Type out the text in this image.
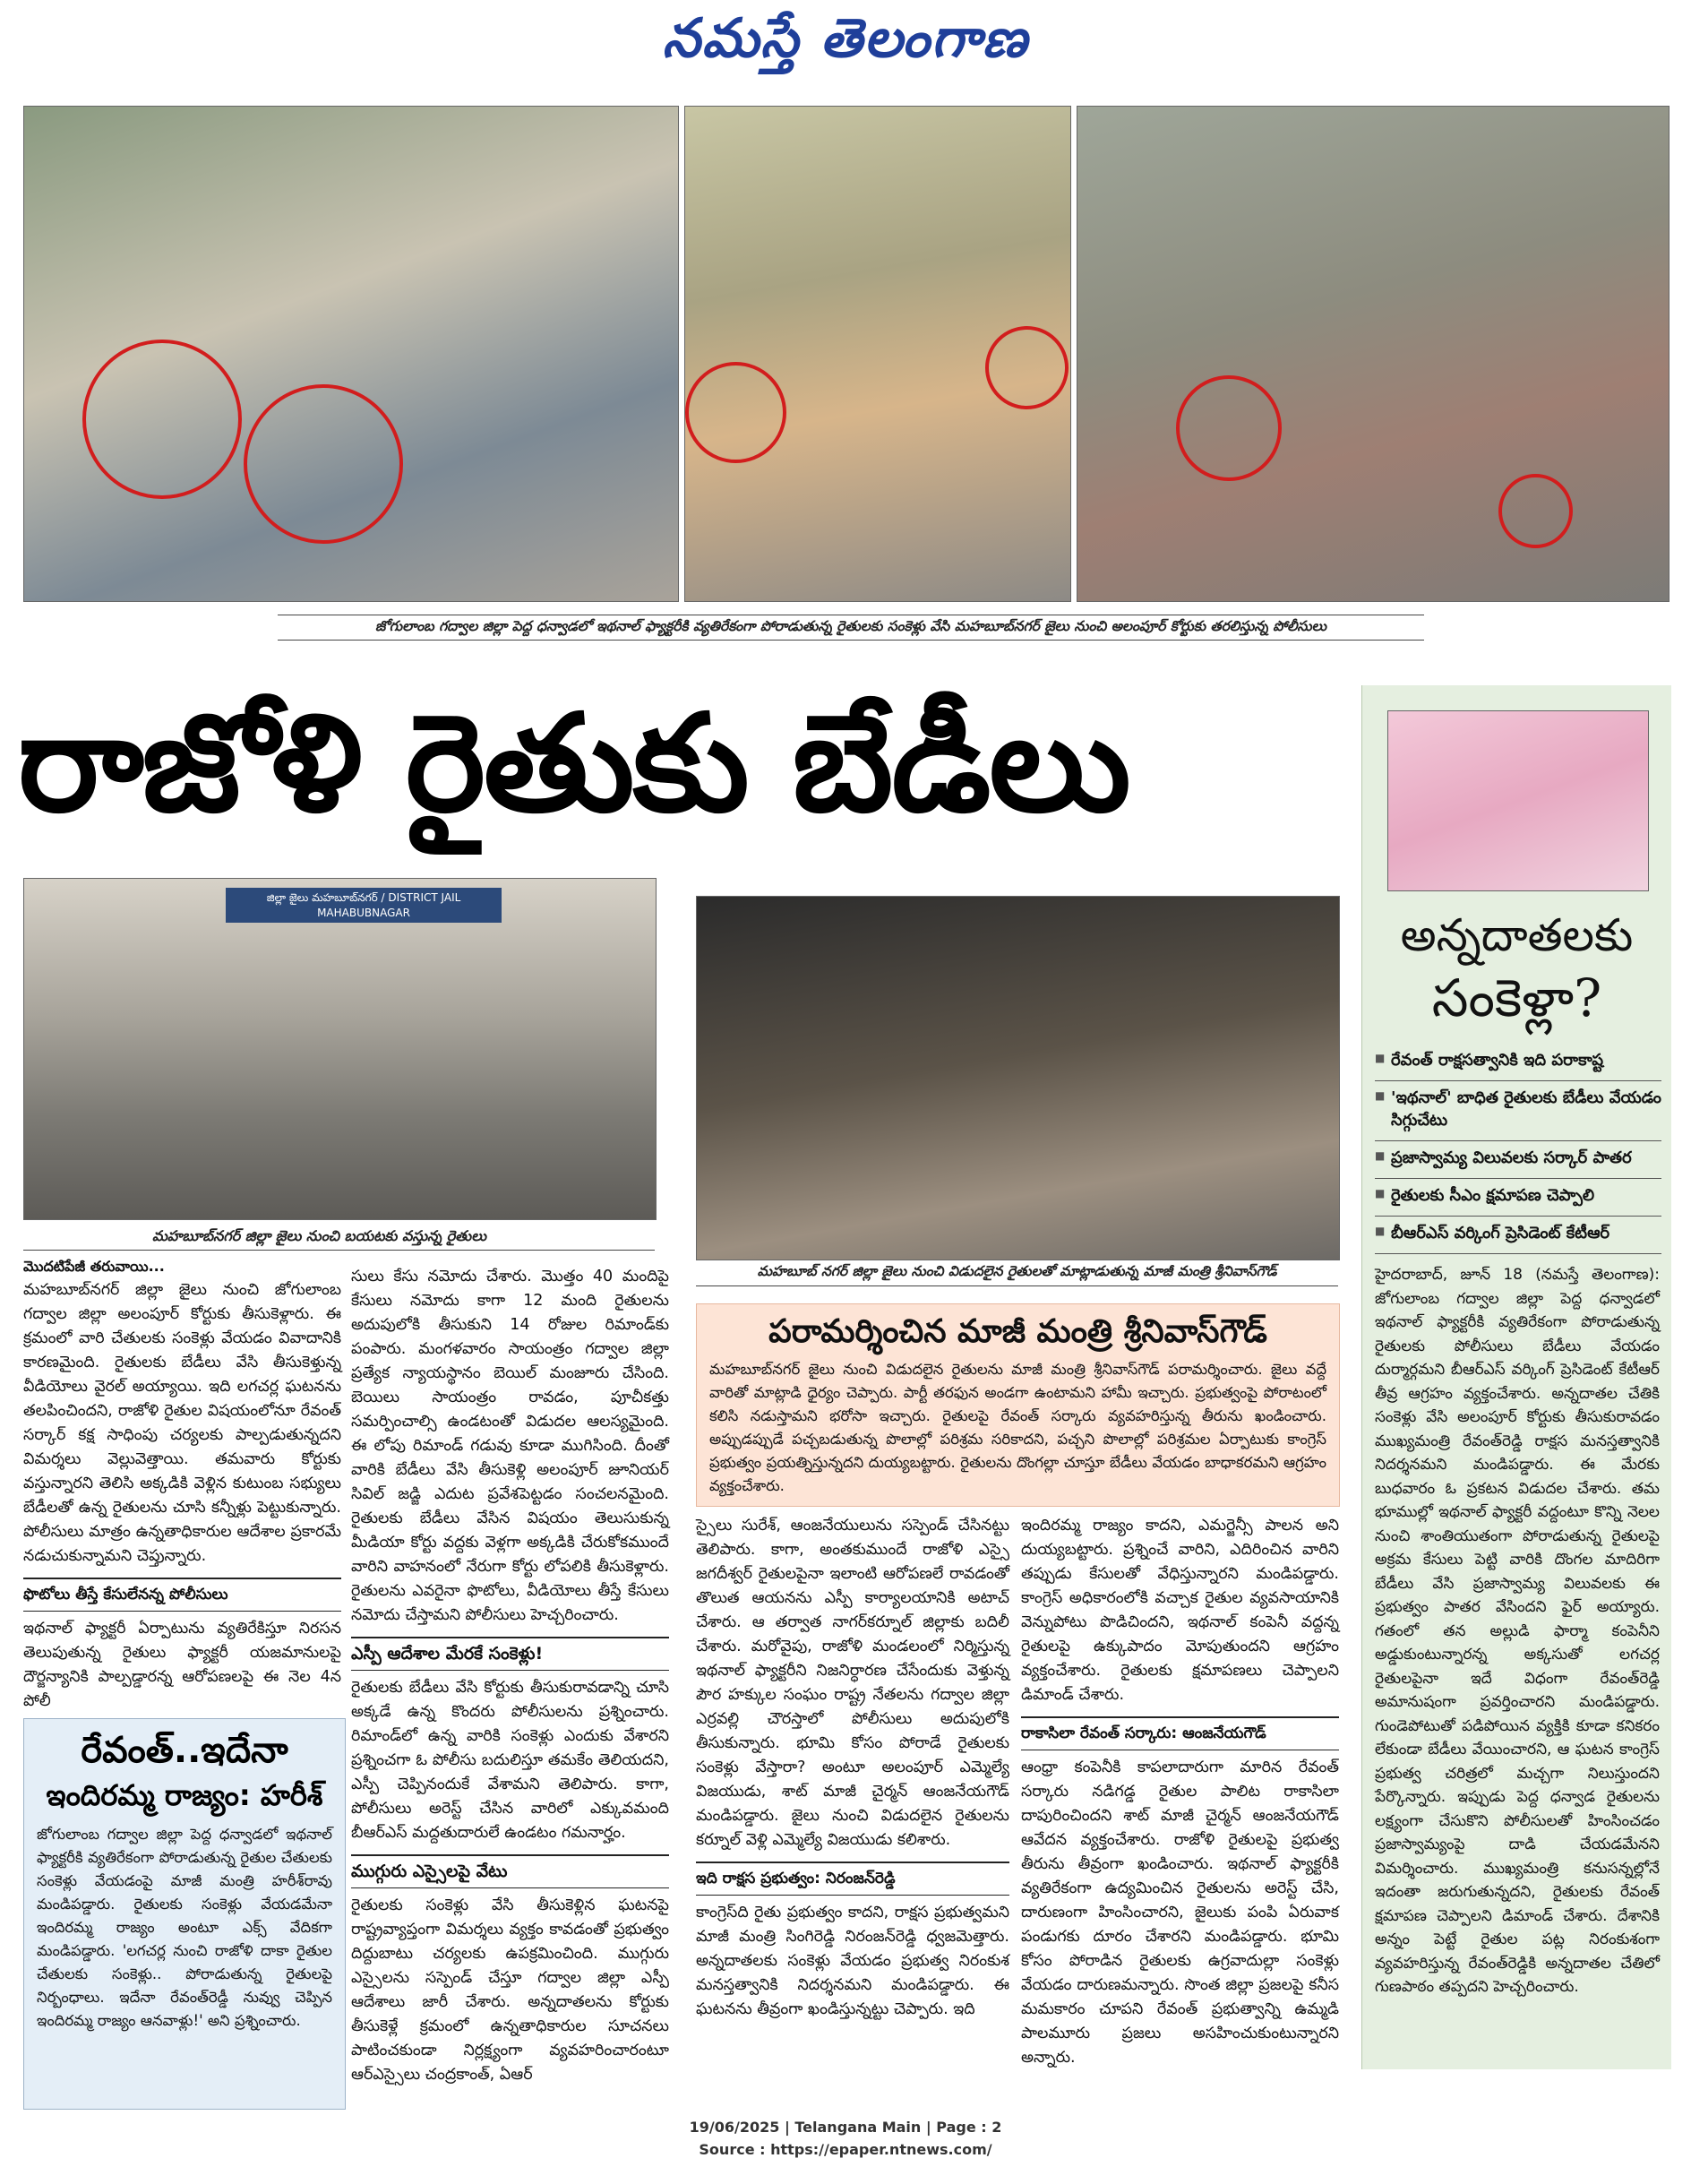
నమస్తే తెలంగాణ
జోగులాంబ గద్వాల జిల్లా పెద్ద ధన్వాడలో ఇథనాల్ ఫ్యాక్టరీకి వ్యతిరేకంగా పోరాడుతున్న రైతులకు సంకెళ్లు వేసి మహబూబ్‌నగర్ జైలు నుంచి అలంపూర్ కోర్టుకు తరలిస్తున్న పోలీసులు
రాజోళి రైతుకు బేడీలు
జిల్లా జైలు మహబూబ్‌నగర్ / DISTRICT JAIL MAHABUBNAGAR
మహబూబ్‌నగర్ జిల్లా జైలు నుంచి బయటకు వస్తున్న రైతులు
మహబూబ్ నగర్ జిల్లా జైలు నుంచి విడుదలైన రైతులతో మాట్లాడుతున్న మాజీ మంత్రి శ్రీనివాస్‌గౌడ్

మొదటిపేజీ తరువాయి...

మహబూబ్‌నగర్ జిల్లా జైలు నుంచి జోగులాంబ గద్వాల జిల్లా అలంపూర్ కోర్టుకు తీసుకెళ్లారు. ఈ క్రమంలో వారి చేతులకు సంకెళ్లు వేయడం వివాదానికి కారణమైంది. రైతులకు బేడీలు వేసి తీసుకెళ్తున్న వీడియోలు వైరల్ అయ్యాయి. ఇది లగచర్ల ఘటనను తలపించిందని, రాజోళి రైతుల విషయంలోనూ రేవంత్ సర్కార్ కక్ష సాధింపు చర్యలకు పాల్పడుతున్నదని విమర్శలు వెల్లువెత్తాయి. తమవారు కోర్టుకు వస్తున్నారని తెలిసి అక్కడికి వెళ్లిన కుటుంబ సభ్యులు బేడీలతో ఉన్న రైతులను చూసి కన్నీళ్లు పెట్టుకున్నారు. పోలీసులు మాత్రం ఉన్నతాధికారుల ఆదేశాల ప్రకారమే నడుచుకున్నామని చెప్తున్నారు.

ఫొటోలు తీస్తే కేసులేనన్న పోలీసులు

ఇథనాల్ ఫ్యాక్టరీ ఏర్పాటును వ్యతిరేకిస్తూ నిరసన తెలుపుతున్న రైతులు ఫ్యాక్టరీ యజమానులపై దౌర్జన్యానికి పాల్పడ్డారన్న ఆరోపణలపై ఈ నెల 4న పోలీ

రేవంత్..ఇదేనా
ఇందిరమ్మ రాజ్యం: హరీశ్
జోగులాంబ గద్వాల జిల్లా పెద్ద ధన్వాడలో ఇథనాల్ ఫ్యాక్టరీకి వ్యతిరేకంగా పోరాడుతున్న రైతుల చేతులకు సంకెళ్లు వేయడంపై మాజీ మంత్రి హరీశ్‌రావు మండిపడ్డారు. రైతులకు సంకెళ్లు వేయడమేనా ఇందిరమ్మ రాజ్యం అంటూ ఎక్స్ వేదికగా మండిపడ్డారు. 'లగచర్ల నుంచి రాజోళి దాకా రైతుల చేతులకు సంకెళ్లు.. పోరాడుతున్న రైతులపై నిర్బంధాలు. ఇదేనా రేవంత్‌రెడ్డీ నువ్వు చెప్పిన ఇందిరమ్మ రాజ్యం ఆనవాళ్లు!' అని ప్రశ్నించారు.

సులు కేసు నమోదు చేశారు. మొత్తం 40 మందిపై కేసులు నమోదు కాగా 12 మంది రైతులను అదుపులోకి తీసుకుని 14 రోజుల రిమాండ్‌కు పంపారు. మంగళవారం సాయంత్రం గద్వాల జిల్లా ప్రత్యేక న్యాయస్థానం బెయిల్ మంజూరు చేసింది. బెయిలు సాయంత్రం రావడం, పూచీకత్తు సమర్పించాల్సి ఉండటంతో విడుదల ఆలస్యమైంది. ఈ లోపు రిమాండ్ గడువు కూడా ముగిసింది. దీంతో వారికి బేడీలు వేసి తీసుకెళ్లి అలంపూర్ జూనియర్ సివిల్ జడ్జి ఎదుట ప్రవేశపెట్టడం సంచలనమైంది. రైతులకు బేడీలు వేసిన విషయం తెలుసుకున్న మీడియా కోర్టు వద్దకు వెళ్లగా అక్కడికి చేరుకోకముందే వారిని వాహనంలో నేరుగా కోర్టు లోపలికి తీసుకెళ్లారు. రైతులను ఎవరైనా ఫొటోలు, వీడియోలు తీస్తే కేసులు నమోదు చేస్తామని పోలీసులు హెచ్చరించారు.

ఎస్పీ ఆదేశాల మేరకే సంకెళ్లు!

రైతులకు బేడీలు వేసి కోర్టుకు తీసుకురావడాన్ని చూసి అక్కడే ఉన్న కొందరు పోలీసులను ప్రశ్నించారు. రిమాండ్‌లో ఉన్న వారికి సంకెళ్లు ఎందుకు వేశారని ప్రశ్నించగా ఓ పోలీసు బదులిస్తూ తమకేం తెలియదని, ఎస్పీ చెప్పినందుకే వేశామని తెలిపారు. కాగా, పోలీసులు అరెస్ట్ చేసిన వారిలో ఎక్కువమంది బీఆర్ఎస్ మద్దతుదారులే ఉండటం గమనార్హం.

ముగ్గురు ఎస్సైలపై వేటు

రైతులకు సంకెళ్లు వేసి తీసుకెళ్లిన ఘటనపై రాష్ట్రవ్యాప్తంగా విమర్శలు వ్యక్తం కావడంతో ప్రభుత్వం దిద్దుబాటు చర్యలకు ఉపక్రమించింది. ముగ్గురు ఎస్సైలను సస్పెండ్ చేస్తూ గద్వాల జిల్లా ఎస్పీ ఆదేశాలు జారీ చేశారు. అన్నదాతలను కోర్టుకు తీసుకెళ్లే క్రమంలో ఉన్నతాధికారుల సూచనలు పాటించకుండా నిర్లక్ష్యంగా వ్యవహరించారంటూ ఆర్ఎస్సైలు చంద్రకాంత్, ఏఆర్

పరామర్శించిన మాజీ మంత్రి శ్రీనివాస్‌గౌడ్
మహబూబ్‌నగర్ జైలు నుంచి విడుదలైన రైతులను మాజీ మంత్రి శ్రీనివాస్‌గౌడ్ పరామర్శించారు. జైలు వద్దే వారితో మాట్లాడి ధైర్యం చెప్పారు. పార్టీ తరఫున అండగా ఉంటామని హామీ ఇచ్చారు. ప్రభుత్వంపై పోరాటంలో కలిసి నడుస్తామని భరోసా ఇచ్చారు. రైతులపై రేవంత్ సర్కారు వ్యవహరిస్తున్న తీరును ఖండించారు. అప్పుడప్పుడే పచ్చబడుతున్న పొలాల్లో పరిశ్రమ సరికాదని, పచ్చని పొలాల్లో పరిశ్రమల ఏర్పాటుకు కాంగ్రెస్ ప్రభుత్వం ప్రయత్నిస్తున్నదని దుయ్యబట్టారు. రైతులను దొంగల్లా చూస్తూ బేడీలు వేయడం బాధాకరమని ఆగ్రహం వ్యక్తంచేశారు.

స్సైలు సురేశ్, ఆంజనేయులును సస్పెండ్ చేసినట్టు తెలిపారు. కాగా, అంతకుముందే రాజోళి ఎస్సై జగదీశ్వర్ రైతులపైనా ఇలాంటి ఆరోపణలే రావడంతో తొలుత ఆయనను ఎస్పీ కార్యాలయానికి అటాచ్ చేశారు. ఆ తర్వాత నాగర్‌కర్నూల్ జిల్లాకు బదిలీ చేశారు. మరోవైపు, రాజోళి మండలంలో నిర్మిస్తున్న ఇథనాల్ ఫ్యాక్టరీని నిజనిర్ధారణ చేసేందుకు వెళ్తున్న పౌర హక్కుల సంఘం రాష్ట్ర నేతలను గద్వాల జిల్లా ఎర్రవల్లి చౌరస్తాలో పోలీసులు అదుపులోకి తీసుకున్నారు. భూమి కోసం పోరాడే రైతులకు సంకెళ్లు వేస్తారా? అంటూ అలంపూర్ ఎమ్మెల్యే విజయుడు, శాట్ మాజీ చైర్మన్ ఆంజనేయగౌడ్ మండిపడ్డారు. జైలు నుంచి విడుదలైన రైతులను కర్నూల్ వెళ్లి ఎమ్మెల్యే విజయుడు కలిశారు.

ఇది రాక్షస ప్రభుత్వం: నిరంజన్‌రెడ్డి

కాంగ్రెస్‌ది రైతు ప్రభుత్వం కాదని, రాక్షస ప్రభుత్వమని మాజీ మంత్రి సింగిరెడ్డి నిరంజన్‌రెడ్డి ధ్వజమెత్తారు. అన్నదాతలకు సంకెళ్లు వేయడం ప్రభుత్వ నిరంకుశ మనస్తత్వానికి నిదర్శనమని మండిపడ్డారు. ఈ ఘటనను తీవ్రంగా ఖండిస్తున్నట్టు చెప్పారు. ఇది

ఇందిరమ్మ రాజ్యం కాదని, ఎమర్జెన్సీ పాలన అని దుయ్యబట్టారు. ప్రశ్నించే వారిని, ఎదిరించిన వారిని తప్పుడు కేసులతో వేధిస్తున్నారని మండిపడ్డారు. కాంగ్రెస్ అధికారంలోకి వచ్చాక రైతుల వ్యవసాయానికి వెన్నుపోటు పొడిచిందని, ఇథనాల్ కంపెనీ వద్దన్న రైతులపై ఉక్కుపాదం మోపుతుందని ఆగ్రహం వ్యక్తంచేశారు. రైతులకు క్షమాపణలు చెప్పాలని డిమాండ్ చేశారు.

రాకాసిలా రేవంత్ సర్కారు: ఆంజనేయగౌడ్

ఆంధ్రా కంపెనీకి కాపలాదారుగా మారిన రేవంత్ సర్కారు నడిగడ్డ రైతుల పాలిట రాకాసిలా దాపురించిందని శాట్ మాజీ చైర్మన్ ఆంజనేయగౌడ్ ఆవేదన వ్యక్తంచేశారు. రాజోళి రైతులపై ప్రభుత్వ తీరును తీవ్రంగా ఖండించారు. ఇథనాల్ ఫ్యాక్టరీకి వ్యతిరేకంగా ఉద్యమించిన రైతులను అరెస్ట్ చేసి, దారుణంగా హింసించారని, జైలుకు పంపి ఏరువాక పండుగకు దూరం చేశారని మండిపడ్డారు. భూమి కోసం పోరాడిన రైతులకు ఉగ్రవాదుల్లా సంకెళ్లు వేయడం దారుణమన్నారు. సొంత జిల్లా ప్రజలపై కనీస మమకారం చూపని రేవంత్ ప్రభుత్వాన్ని ఉమ్మడి పాలమూరు ప్రజలు అసహించుకుంటున్నారని అన్నారు.

అన్నదాతలకు
సంకెళ్లా?
■ రేవంత్ రాక్షసత్వానికి ఇది పరాకాష్ట
■ 'ఇథనాల్' బాధిత రైతులకు బేడీలు వేయడం సిగ్గుచేటు
■ ప్రజాస్వామ్య విలువలకు సర్కార్ పాతర
■ రైతులకు సీఎం క్షమాపణ చెప్పాలి
■ బీఆర్ఎస్ వర్కింగ్ ప్రెసిడెంట్ కేటీఆర్
హైదరాబాద్, జూన్ 18 (నమస్తే తెలంగాణ): జోగులాంబ గద్వాల జిల్లా పెద్ద ధన్వాడలో ఇథనాల్ ఫ్యాక్టరీకి వ్యతిరేకంగా పోరాడుతున్న రైతులకు పోలీసులు బేడీలు వేయడం దుర్మార్గమని బీఆర్ఎస్ వర్కింగ్ ప్రెసిడెంట్ కేటీఆర్ తీవ్ర ఆగ్రహం వ్యక్తంచేశారు. అన్నదాతల చేతికి సంకెళ్లు వేసి అలంపూర్ కోర్టుకు తీసుకురావడం ముఖ్యమంత్రి రేవంత్‌రెడ్డి రాక్షస మనస్తత్వానికి నిదర్శనమని మండిపడ్డారు. ఈ మేరకు బుధవారం ఓ ప్రకటన విడుదల చేశారు. తమ భూముల్లో ఇథనాల్ ఫ్యాక్టరీ వద్దంటూ కొన్ని నెలల నుంచి శాంతియుతంగా పోరాడుతున్న రైతులపై అక్రమ కేసులు పెట్టి వారికి దొంగల మాదిరిగా బేడీలు వేసి ప్రజాస్వామ్య విలువలకు ఈ ప్రభుత్వం పాతర వేసిందని ఫైర్ అయ్యారు. గతంలో తన అల్లుడి ఫార్మా కంపెనీని అడ్డుకుంటున్నారన్న అక్కసుతో లగచర్ల రైతులపైనా ఇదే విధంగా రేవంత్‌రెడ్డి అమానుషంగా ప్రవర్తించారని మండిపడ్డారు. గుండెపోటుతో పడిపోయిన వ్యక్తికి కూడా కనికరం లేకుండా బేడీలు వేయించారని, ఆ ఘటన కాంగ్రెస్ ప్రభుత్వ చరిత్రలో మచ్చగా నిలుస్తుందని పేర్కొన్నారు. ఇప్పుడు పెద్ద ధన్వాడ రైతులను లక్ష్యంగా చేసుకొని పోలీసులతో హింసించడం ప్రజాస్వామ్యంపై దాడి చేయడమేనని విమర్శించారు. ముఖ్యమంత్రి కనుసన్నల్లోనే ఇదంతా జరుగుతున్నదని, రైతులకు రేవంత్ క్షమాపణ చెప్పాలని డిమాండ్ చేశారు. దేశానికి అన్నం పెట్టే రైతుల పట్ల నిరంకుశంగా వ్యవహరిస్తున్న రేవంత్‌రెడ్డికి అన్నదాతల చేతిలో గుణపాఠం తప్పదని హెచ్చరించారు.
19/06/2025 | Telangana Main | Page : 2
Source : https://epaper.ntnews.com/
